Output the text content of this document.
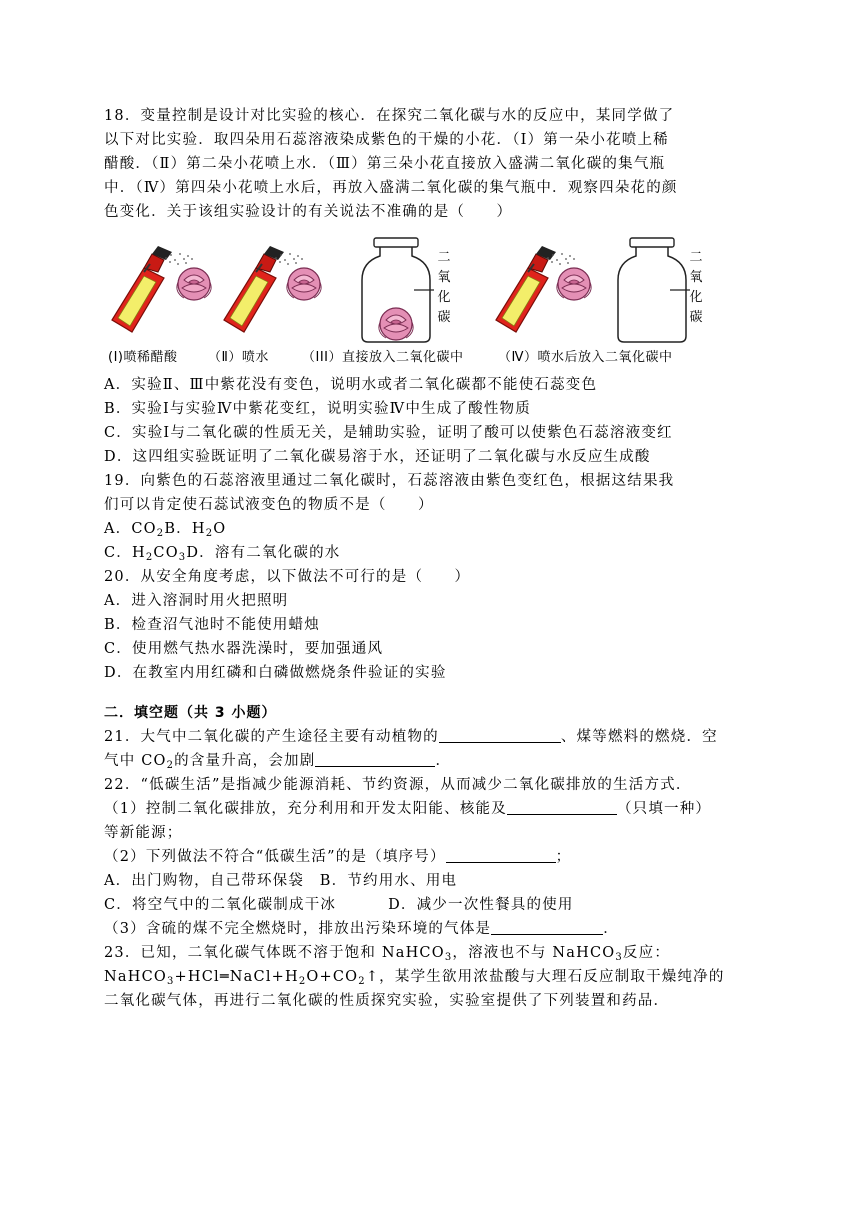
18．变量控制是设计对比实验的核心．在探究二氧化碳与水的反应中，某同学做了
以下对比实验．取四朵用石蕊溶液染成紫色的干燥的小花．（Ⅰ）第一朵小花喷上稀
醋酸．（Ⅱ）第二朵小花喷上水．（Ⅲ）第三朵小花直接放入盛满二氧化碳的集气瓶
中．（Ⅳ）第四朵小花喷上水后，再放入盛满二氧化碳的集气瓶中．观察四朵花的颜
色变化．关于该组实验设计的有关说法不准确的是（　　）
二
氧
化
碳
二
氧
化
碳
(I)喷稀醋酸 （Ⅱ）喷水	（III）直接放入二氧化碳中	（Ⅳ）喷水后放入二氧化碳中
A．实验Ⅱ、Ⅲ中紫花没有变色，说明水或者二氧化碳都不能使石蕊变色
B．实验Ⅰ与实验Ⅳ中紫花变红，说明实验Ⅳ中生成了酸性物质
C．实验Ⅰ与二氧化碳的性质无关，是辅助实验，证明了酸可以使紫色石蕊溶液变红
D．这四组实验既证明了二氧化碳易溶于水，还证明了二氧化碳与水反应生成酸
19．向紫色的石蕊溶液里通过二氧化碳时，石蕊溶液由紫色变红色，根据这结果我
们可以肯定使石蕊试液变色的物质不是（　　）
A．$CO_2B$．$H_2O$
C．$H_2CO_3D$．溶有二氧化碳的水
20．从安全角度考虑，以下做法不可行的是（　　）
A．进入溶洞时用火把照明
B．检查沼气池时不能使用蜡烛
C．使用燃气热水器洗澡时，要加强通风
D．在教室内用红磷和白磷做燃烧条件验证的实验
二．填空题（共 3 小题）
21．大气中二氧化碳的产生途径主要有动植物的	、煤等燃料的燃烧．空
气中 $CO_2$的含量升高，会加剧	．
22．“低碳生活”是指减少能源消耗、节约资源，从而减少二氧化碳排放的生活方式．
（1）控制二氧化碳排放，充分利用和开发太阳能、核能及	（只填一种）
等新能源；
（2）下列做法不符合“低碳生活”的是（填序号）	；
A．出门购物，自己带环保袋　B．节约用水、用电
C．将空气中的二氧化碳制成干冰	D．减少一次性餐具的使用
（3）含硫的煤不完全燃烧时，排放出污染环境的气体是	．
23．已知，二氧化碳气体既不溶于饱和 NaHCO$_3$，溶液也不与 NaHCO$_3$反应：
$NaHCO_3+HCl═NaCl+H_2O+CO_2↑$，某学生欲用浓盐酸与大理石反应制取干燥纯净的
二氧化碳气体，再进行二氧化碳的性质探究实验，实验室提供了下列装置和药品．
